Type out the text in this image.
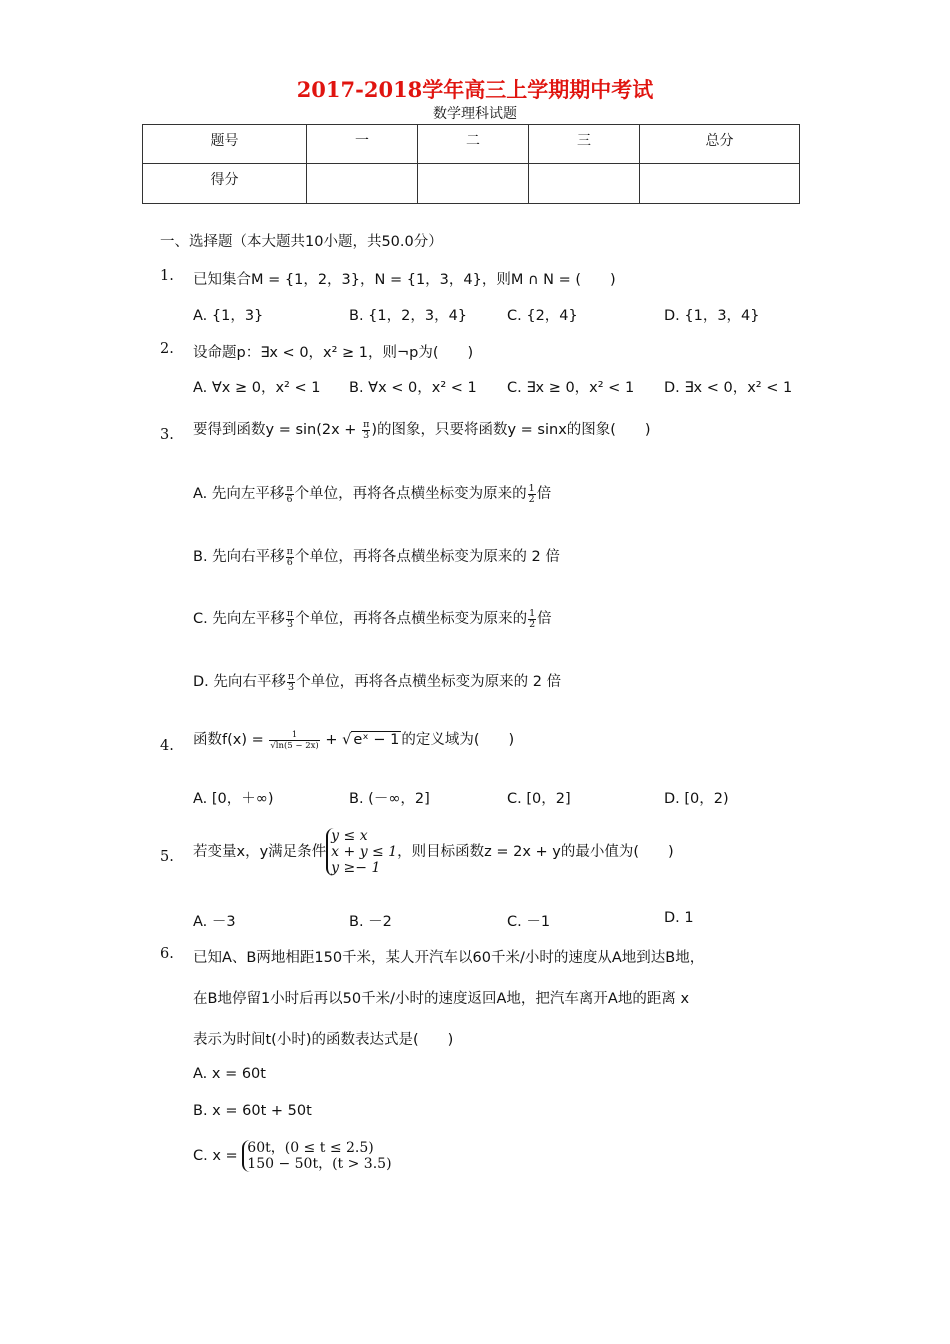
2017-2018学年高三上学期期中考试
数学理科试题
题号	一	二	三	总分
得分				
一、选择题（本大题共10小题，共50.0分）
1. 已知集合M = {1，2，3}，N = {1，3，4}，则M ∩ N = (　　)
A. {1，3}	B. {1，2，3，4}	C. {2，4}	D. {1，3，4}
2. 设命题p：∃x < 0，x² ≥ 1，则¬p为(　　)
A. ∀x ≥ 0，x² < 1 B. ∀x < 0，x² < 1 C. ∃x ≥ 0，x² < 1 D. ∃x < 0，x² < 1
3. 要得到函数$y = \sin(2x + \frac{\pi}{3}$ )的图象，只要将函数y = sinx的图象(　　)
A. 先向左平移 $\frac{\pi}{6}$ 个单位，再将各点横坐标变为原来的 $\frac{1}{2}$ 倍
B. 先向右平移 $\frac{\pi}{6}$ 个单位，再将各点横坐标变为原来的 2 倍
C. 先向左平移 $\frac{\pi}{3}$ 个单位，再将各点横坐标变为原来的 $\frac{1}{2}$ 倍
D. 先向右平移 $\frac{\pi}{3}$ 个单位，再将各点横坐标变为原来的 2 倍
4. 函数$f(x) = \frac{1}{√\ln(5 - 2x)}$ + √ eˣ − 1 的定义域为(　　)
A. [0，＋∞)	B. (－∞，2]	C. [0，2]	D. [0，2)
5. 若变量x，y满足条件
y ≤ x
x + y ≤ 1
y ≥− 1
，则目标函数z = 2x + y的最小值为(　　)
A. －3	B. －2	C. －1	D. 1
6. 已知A、B两地相距150千米，某人开汽车以60千米/小时的速度从A地到达B地，
在B地停留1小时后再以50千米/小时的速度返回A地，把汽车离开A地的距离 x
表示为时间t(小时)的函数表达式是(　　)
A. x = 60t
B. x = 60t + 50t
C. x = 60t，(0 ≤ t ≤ 2.5)
150 − 50t，(t > 3.5)
